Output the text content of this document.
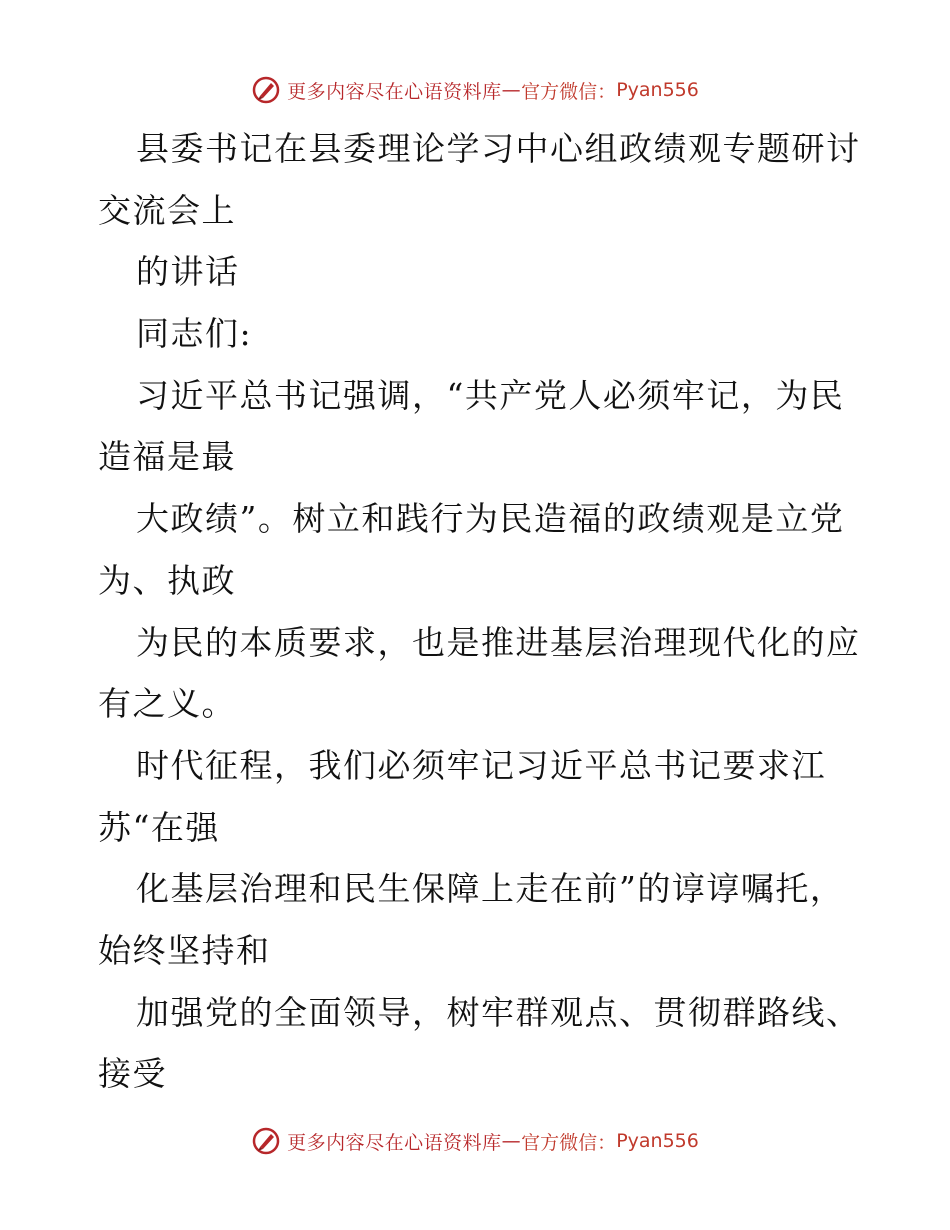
更多内容尽在心语资料库 — 官方微信： Pyan556
县委书记在县委理论学习中心组政绩观专题研讨
交流会上
的讲话
同志们:
习近平总书记强调，“共产党人必须牢记，为民
造福是最
大政绩”。树立和践行为民造福的政绩观是立党
为、执政
为民的本质要求，也是推进基层治理现代化的应
有之义。
时代征程，我们必须牢记习近平总书记要求江
苏“在强
化基层治理和民生保障上走在前”的谆谆嘱托，
始终坚持和
加强党的全面领导，树牢群观点、贯彻群路线、
接受
更多内容尽在心语资料库 — 官方微信： Pyan556
